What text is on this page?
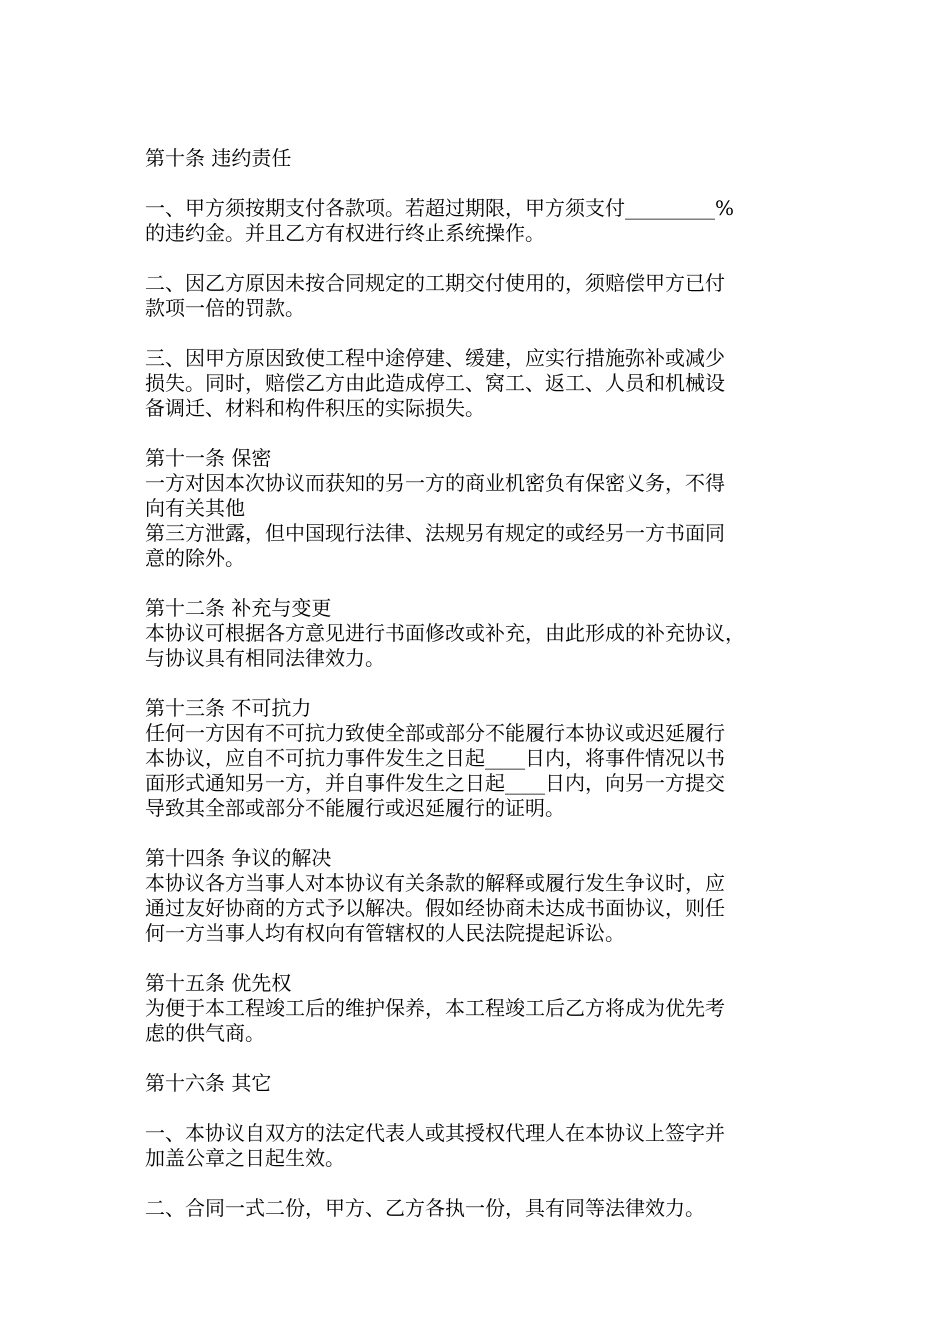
第十条 违约责任
一、甲方须按期支付各款项。若超过期限，甲方须支付_________%
的违约金。并且乙方有权进行终止系统操作。
二、因乙方原因未按合同规定的工期交付使用的，须赔偿甲方已付
款项一倍的罚款。
三、因甲方原因致使工程中途停建、缓建，应实行措施弥补或减少
损失。同时，赔偿乙方由此造成停工、窝工、返工、人员和机械设
备调迁、材料和构件积压的实际损失。
第十一条 保密
一方对因本次协议而获知的另一方的商业机密负有保密义务，不得
向有关其他
第三方泄露，但中国现行法律、法规另有规定的或经另一方书面同
意的除外。
第十二条 补充与变更
本协议可根据各方意见进行书面修改或补充，由此形成的补充协议，
与协议具有相同法律效力。
第十三条 不可抗力
任何一方因有不可抗力致使全部或部分不能履行本协议或迟延履行
本协议，应自不可抗力事件发生之日起____日内，将事件情况以书
面形式通知另一方，并自事件发生之日起____日内，向另一方提交
导致其全部或部分不能履行或迟延履行的证明。
第十四条 争议的解决
本协议各方当事人对本协议有关条款的解释或履行发生争议时，应
通过友好协商的方式予以解决。假如经协商未达成书面协议，则任
何一方当事人均有权向有管辖权的人民法院提起诉讼。
第十五条 优先权
为便于本工程竣工后的维护保养，本工程竣工后乙方将成为优先考
虑的供气商。
第十六条 其它
一、本协议自双方的法定代表人或其授权代理人在本协议上签字并
加盖公章之日起生效。
二、合同一式二份，甲方、乙方各执一份，具有同等法律效力。
